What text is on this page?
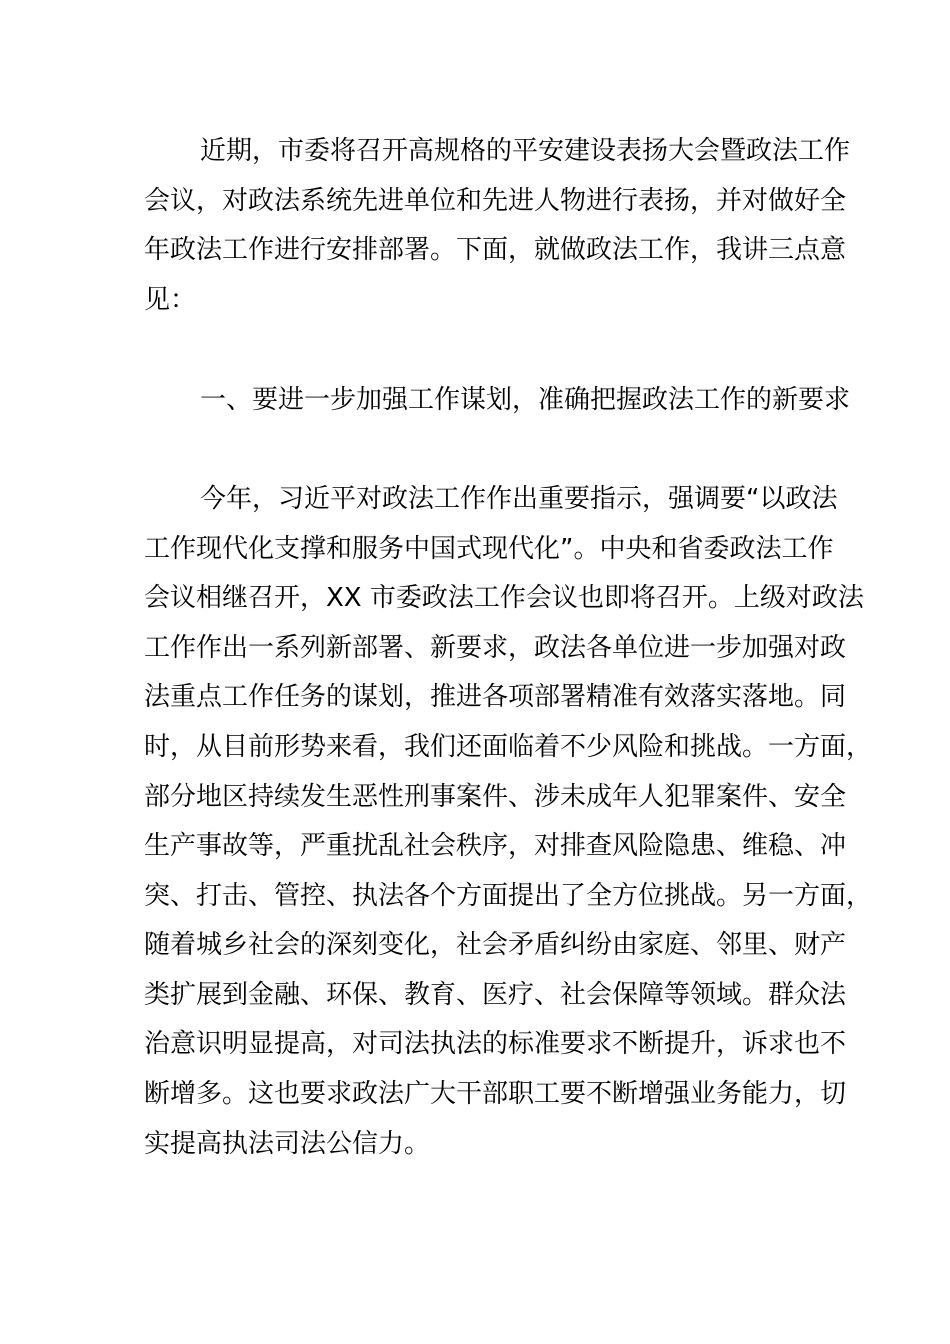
近期，市委将召开高规格的平安建设表扬大会暨政法工作
会议，对政法系统先进单位和先进人物进行表扬，并对做好全
年政法工作进行安排部署。下面，就做政法工作，我讲三点意
见：
一、要进一步加强工作谋划，准确把握政法工作的新要求
今年，习近平对政法工作作出重要指示，强调要“以政法
工作现代化支撑和服务中国式现代化”。中央和省委政法工作
会议相继召开，XX 市委政法工作会议也即将召开。上级对政法
工作作出一系列新部署、新要求，政法各单位进一步加强对政
法重点工作任务的谋划，推进各项部署精准有效落实落地。同
时，从目前形势来看，我们还面临着不少风险和挑战。一方面，
部分地区持续发生恶性刑事案件、涉未成年人犯罪案件、安全
生产事故等，严重扰乱社会秩序，对排查风险隐患、维稳、冲
突、打击、管控、执法各个方面提出了全方位挑战。另一方面，
随着城乡社会的深刻变化，社会矛盾纠纷由家庭、邻里、财产
类扩展到金融、环保、教育、医疗、社会保障等领域。群众法
治意识明显提高，对司法执法的标准要求不断提升，诉求也不
断增多。这也要求政法广大干部职工要不断增强业务能力，切
实提高执法司法公信力。
